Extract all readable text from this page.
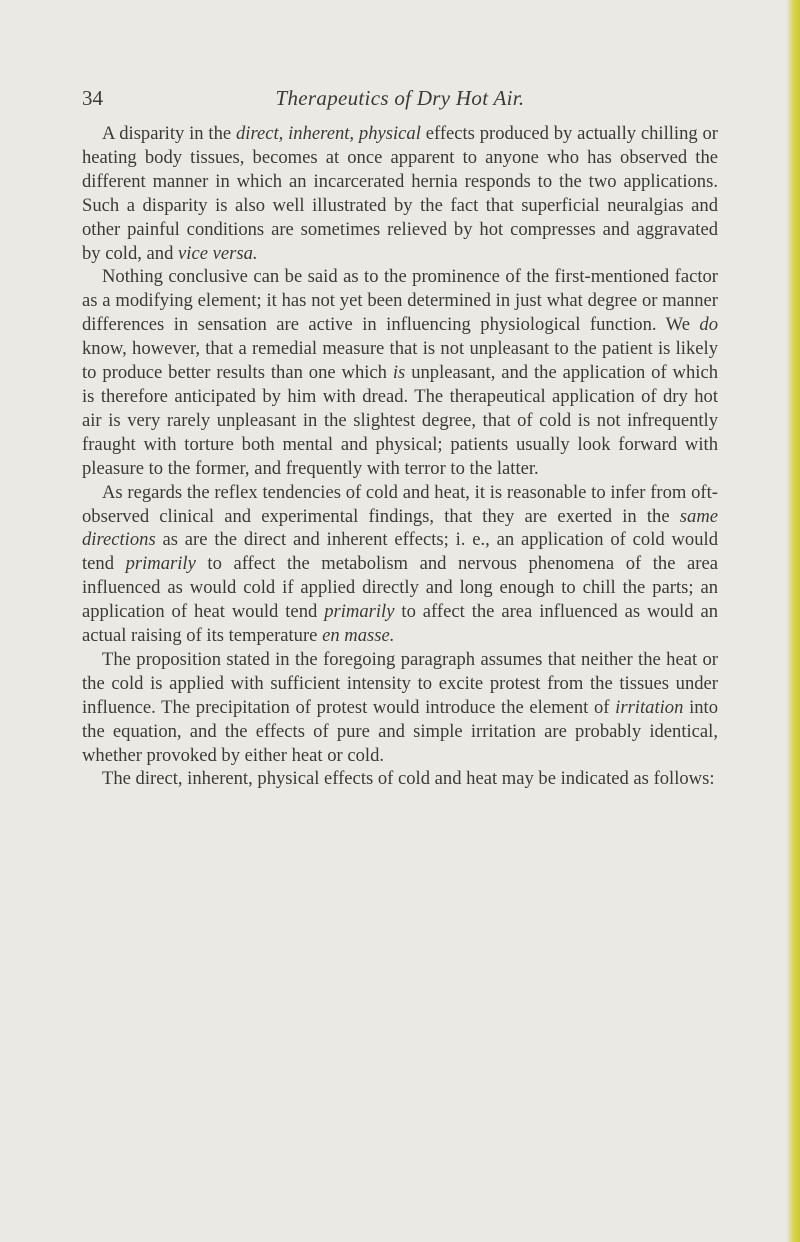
34	Therapeutics of Dry Hot Air.

A disparity in the direct, inherent, physical effects produced by actually chilling or heating body tissues, becomes at once apparent to anyone who has observed the different manner in which an incarcerated hernia responds to the two applications. Such a disparity is also well illustrated by the fact that superficial neuralgias and other painful conditions are sometimes relieved by hot compresses and aggravated by cold, and vice versa.

Nothing conclusive can be said as to the prominence of the first-mentioned factor as a modifying element; it has not yet been determined in just what degree or manner differences in sensation are active in influencing physiological function. We do know, however, that a remedial measure that is not unpleasant to the patient is likely to produce better results than one which is unpleasant, and the application of which is therefore anticipated by him with dread. The therapeutical application of dry hot air is very rarely unpleasant in the slightest degree, that of cold is not infrequently fraught with torture both mental and physical; patients usually look forward with pleasure to the former, and frequently with terror to the latter.

As regards the reflex tendencies of cold and heat, it is reasonable to infer from oft-observed clinical and experimental findings, that they are exerted in the same directions as are the direct and inherent effects; i. e., an application of cold would tend primarily to affect the metabolism and nervous phenomena of the area influenced as would cold if applied directly and long enough to chill the parts; an application of heat would tend primarily to affect the area influenced as would an actual raising of its temperature en masse.

The proposition stated in the foregoing paragraph assumes that neither the heat or the cold is applied with sufficient intensity to excite protest from the tissues under influence. The precipitation of protest would introduce the element of irritation into the equation, and the effects of pure and simple irritation are probably identical, whether provoked by either heat or cold.

The direct, inherent, physical effects of cold and heat may be indicated as follows:
